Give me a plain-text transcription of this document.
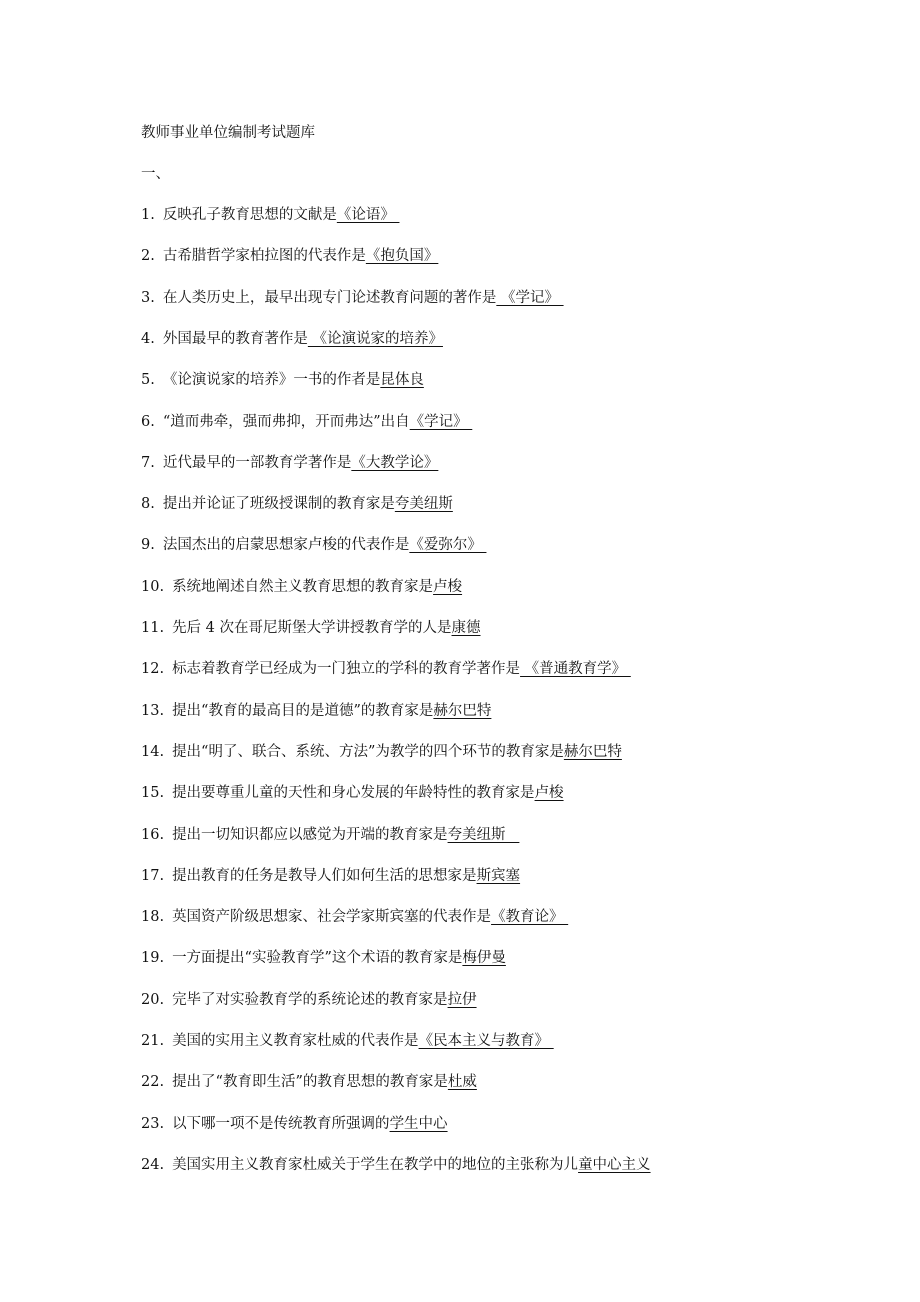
教师事业单位编制考试题库
一、
1. 反映孔子教育思想的文献是《论语》
2. 古希腊哲学家柏拉图的代表作是《抱负国》
3. 在人类历史上，最早出现专门论述教育问题的著作是 《学记》
4. 外国最早的教育著作是 《论演说家的培养》
5. 《论演说家的培养》一书的作者是昆体良
6. “道而弗牵，强而弗抑，开而弗达”出自《学记》
7. 近代最早的一部教育学著作是《大教学论》
8. 提出并论证了班级授课制的教育家是夸美纽斯
9. 法国杰出的启蒙思想家卢梭的代表作是《爱弥尔》
10. 系统地阐述自然主义教育思想的教育家是卢梭
11. 先后 4 次在哥尼斯堡大学讲授教育学的人是康德
12. 标志着教育学已经成为一门独立的学科的教育学著作是 《普通教育学》
13. 提出“教育的最高目的是道德”的教育家是赫尔巴特
14. 提出“明了、联合、系统、方法”为教学的四个环节的教育家是赫尔巴特
15. 提出要尊重儿童的天性和身心发展的年龄特性的教育家是卢梭
16. 提出一切知识都应以感觉为开端的教育家是夸美纽斯
17. 提出教育的任务是教导人们如何生活的思想家是斯宾塞
18. 英国资产阶级思想家、社会学家斯宾塞的代表作是《教育论》
19. 一方面提出“实验教育学”这个术语的教育家是梅伊曼
20. 完毕了对实验教育学的系统论述的教育家是拉伊
21. 美国的实用主义教育家杜威的代表作是《民本主义与教育》
22. 提出了“教育即生活”的教育思想的教育家是杜威
23. 以下哪一项不是传统教育所强调的学生中心
24. 美国实用主义教育家杜威关于学生在教学中的地位的主张称为儿童中心主义
